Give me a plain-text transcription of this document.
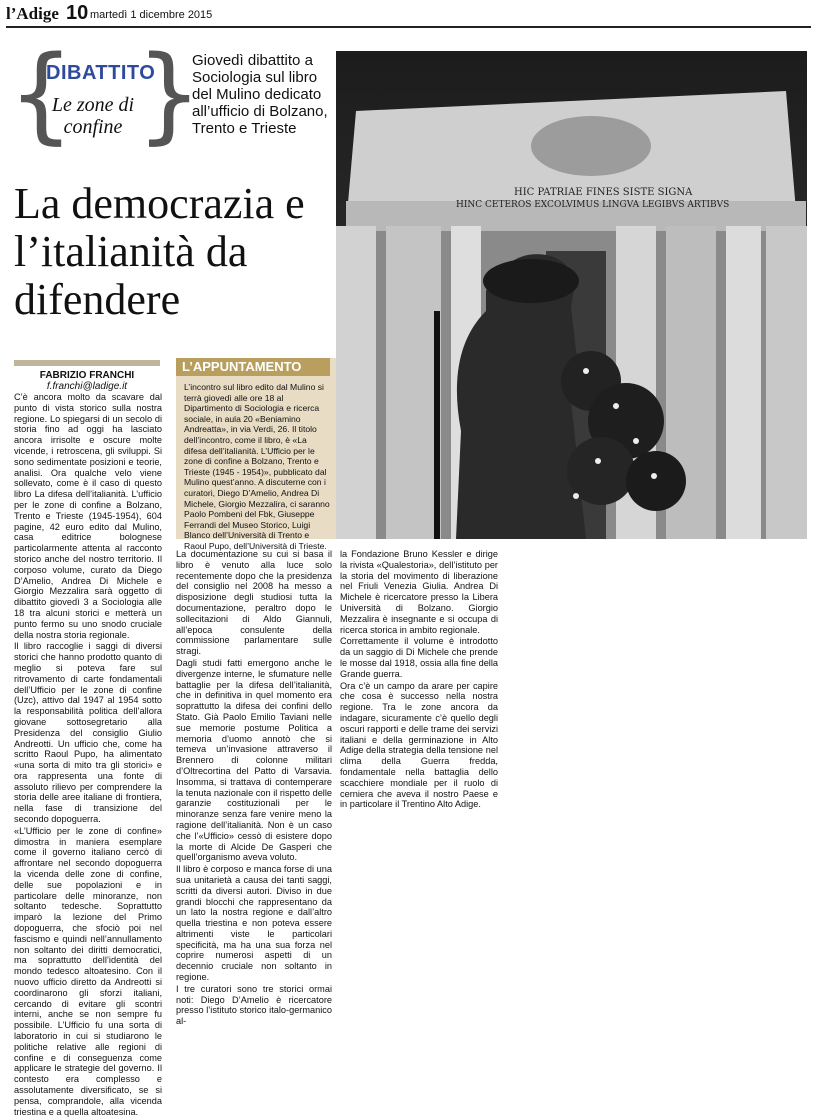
l’Adige 10 martedì 1 dicembre 2015
{ }
DIBATTITO
Le zone di confine
Giovedì dibattito a Sociologia sul libro del Mulino dedicato all’ufficio di Bolzano, Trento e Trieste
La democrazia e l’italianità da difendere
HIC PATRIAE FINES SISTE SIGNA
HINC CETEROS EXCOLVIMUS LINGVA LEGIBVS ARTIBVS
FABRIZIO FRANCHI
f.franchi@ladige.it
L’APPUNTAMENTO
L’incontro sul libro edito dal Mulino si terrà giovedì alle ore 18 al Dipartimento di Sociologia e ricerca sociale, in aula 20 «Beniamino Andreatta», in via Verdi, 26. Il titolo dell’incontro, come il libro, è «La difesa dell’italianità. L’Ufficio per le zone di confine a Bolzano, Trento e Trieste (1945 - 1954)», pubblicato dal Mulino quest’anno. A discuterne con i curatori, Diego D’Amelio, Andrea Di Michele, Giorgio Mezzalira, ci saranno Paolo Pombeni del Fbk, Giuseppe Ferrandi del Museo Storico, Luigi Blanco dell’Università di Trento e Raoul Pupo, dell’Università di Trieste.

C’è ancora molto da scavare dal punto di vista storico sulla nostra regione. Lo spiegarsi di un secolo di storia fino ad oggi ha lasciato ancora irrisolte e oscure molte vicende, i retroscena, gli sviluppi. Si sono sedimentate posizioni e teorie, analisi. Ora qualche velo viene sollevato, come è il caso di questo libro La difesa dell’italianità. L’ufficio per le zone di confine a Bolzano, Trento e Trieste (1945-1954), 604 pagine, 42 euro edito dal Mulino, casa editrice bolognese particolarmente attenta al racconto storico anche del nostro territorio. Il corposo volume, curato da Diego D’Amelio, Andrea Di Michele e Giorgio Mezzalira sarà oggetto di dibattito giovedì 3 a Sociologia alle 18 tra alcuni storici e metterà un punto fermo su uno snodo cruciale della nostra storia regionale.

Il libro raccoglie i saggi di diversi storici che hanno prodotto quanto di meglio si poteva fare sul ritrovamento di carte fondamentali dell’Ufficio per le zone di confine (Uzc), attivo dal 1947 al 1954 sotto la responsabilità politica dell’allora giovane sottosegretario alla Presidenza del consiglio Giulio Andreotti. Un ufficio che, come ha scritto Raoul Pupo, ha alimentato «una sorta di mito tra gli storici» e ora rappresenta una fonte di assoluto rilievo per comprendere la storia delle aree italiane di frontiera, nella fase di transizione del secondo dopoguerra.

«L’Ufficio per le zone di confine» dimostra in maniera esemplare come il governo italiano cercò di affrontare nel secondo dopoguerra la vicenda delle zone di confine, delle sue popolazioni e in particolare delle minoranze, non soltanto tedesche. Soprattutto imparò la lezione del Primo dopoguerra, che sfociò poi nel fascismo e quindi nell’annullamento non soltanto dei diritti democratici, ma soprattutto dell’identità del mondo tedesco altoatesino. Con il nuovo ufficio diretto da Andreotti si coordinarono gli sforzi italiani, cercando di evitare gli scontri interni, anche se non sempre fu possibile. L’Ufficio fu una sorta di laboratorio in cui si studiarono le politiche relative alle regioni di confine e di conseguenza come applicare le strategie del governo. Il contesto era complesso e assolutamente diversificato, se si pensa, comprandole, alla vicenda triestina e a quella altoatesina.

La documentazione su cui si basa il libro è venuto alla luce solo recentemente dopo che la presidenza del consiglio nel 2008 ha messo a disposizione degli studiosi tutta la documentazione, peraltro dopo le sollecitazioni di Aldo Giannuli, all’epoca consulente della commissione parlamentare sulle stragi.

Dagli studi fatti emergono anche le divergenze interne, le sfumature nelle battaglie per la difesa dell’italianità, che in definitiva in quel momento era soprattutto la difesa dei confini dello Stato. Già Paolo Emilio Taviani nelle sue memorie postume Politica a memoria d’uomo annotò che si temeva un’invasione attraverso il Brennero di colonne militari d’Oltrecortina del Patto di Varsavia. Insomma, si trattava di contemperare la tenuta nazionale con il rispetto delle garanzie costituzionali per le minoranze senza fare venire meno la ragione dell’italianità. Non è un caso che l’«Ufficio» cessò di esistere dopo la morte di Alcide De Gasperi che quell’organismo aveva voluto.

Il libro è corposo e manca forse di una sua unitarietà a causa dei tanti saggi, scritti da diversi autori. Diviso in due grandi blocchi che rappresentano da un lato la nostra regione e dall’altro quella triestina e non poteva essere altrimenti viste le particolari specificità, ma ha una sua forza nel coprire numerosi aspetti di un decennio cruciale non soltanto in regione.

I tre curatori sono tre storici ormai noti: Diego D’Amelio è ricercatore presso l’istituto storico italo-germanico al-

la Fondazione Bruno Kessler e dirige la rivista «Qualestoria», dell’istituto per la storia del movimento di liberazione nel Friuli Venezia Giulia. Andrea Di Michele è ricercatore presso la Libera Università di Bolzano. Giorgio Mezzalira è insegnante e si occupa di ricerca storica in ambito regionale.

Correttamente il volume è introdotto da un saggio di Di Michele che prende le mosse dal 1918, ossia alla fine della Grande guerra.

Ora c’è un campo da arare per capire che cosa è successo nella nostra regione. Tra le zone ancora da indagare, sicuramente c’è quello degli oscuri rapporti e delle trame dei servizi italiani e della germinazione in Alto Adige della strategia della tensione nel clima della Guerra fredda, fondamentale nella battaglia dello scacchiere mondiale per il ruolo di cerniera che aveva il nostro Paese e in particolare il Trentino Alto Adige.
